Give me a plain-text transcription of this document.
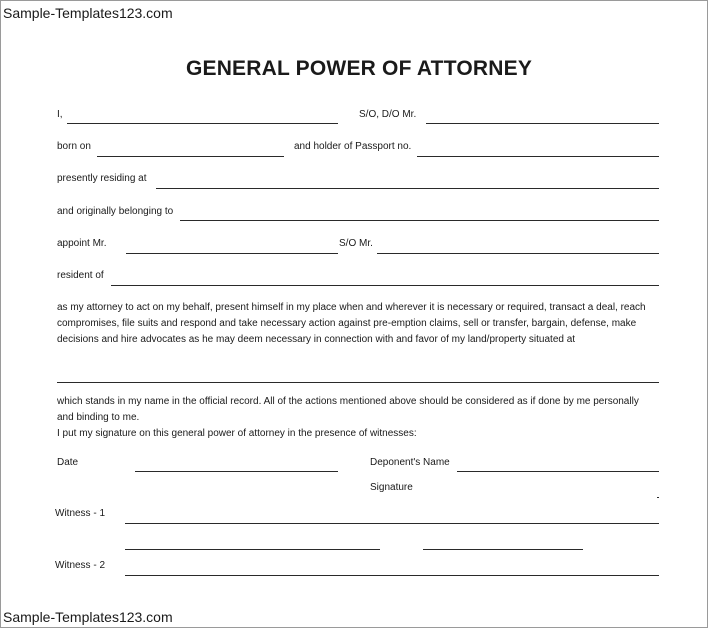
Sample-Templates123.com
GENERAL POWER OF ATTORNEY
I,	S/O, D/O Mr.
born on	and holder of Passport no.
presently residing at
and originally belonging to
appoint Mr.	S/O Mr.
resident of
as my attorney to act on my behalf, present himself in my place when and wherever it is necessary or required, transact a deal, reach
compromises, file suits and respond and take necessary action against pre-emption claims, sell or transfer, bargain, defense, make
decisions and hire advocates as he may deem necessary in connection with and favor of my land/property situated at
which stands in my name in the official record. All of the actions mentioned above should be considered as if done by me personally
and binding to me.
I put my signature on this general power of attorney in the presence of witnesses:
Date	Deponent's Name
Signature
Witness - 1
Witness - 2
Sample-Templates123.com
